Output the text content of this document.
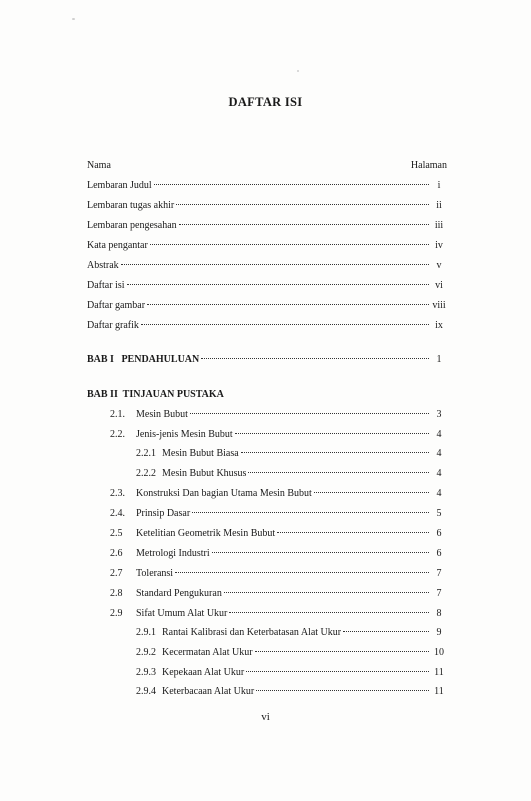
DAFTAR ISI
Nama	Halaman
Lembaran Judul	i
Lembaran tugas akhir	ii
Lembaran pengesahan	iii
Kata pengantar	iv
Abstrak	v
Daftar isi	vi
Daftar gambar	viii
Daftar grafik	ix
BAB I   PENDAHULUAN	1
BAB II  TINJAUAN PUSTAKA
2.1.	Mesin Bubut	3
2.2.	Jenis-jenis Mesin Bubut	4
2.2.1 Mesin Bubut Biasa	4
2.2.2 Mesin Bubut Khusus	4
2.3.	Konstruksi Dan bagian Utama Mesin Bubut	4
2.4.	Prinsip Dasar	5
2.5	Ketelitian Geometrik Mesin Bubut	6
2.6	Metrologi Industri	6
2.7	Toleransi	7
2.8	Standard Pengukuran	7
2.9	Sifat Umum Alat Ukur	8
2.9.1 Rantai Kalibrasi dan Keterbatasan Alat Ukur	9
2.9.2 Kecermatan Alat Ukur	10
2.9.3 Kepekaan Alat Ukur	11
2.9.4 Keterbacaan Alat Ukur	11
vi
